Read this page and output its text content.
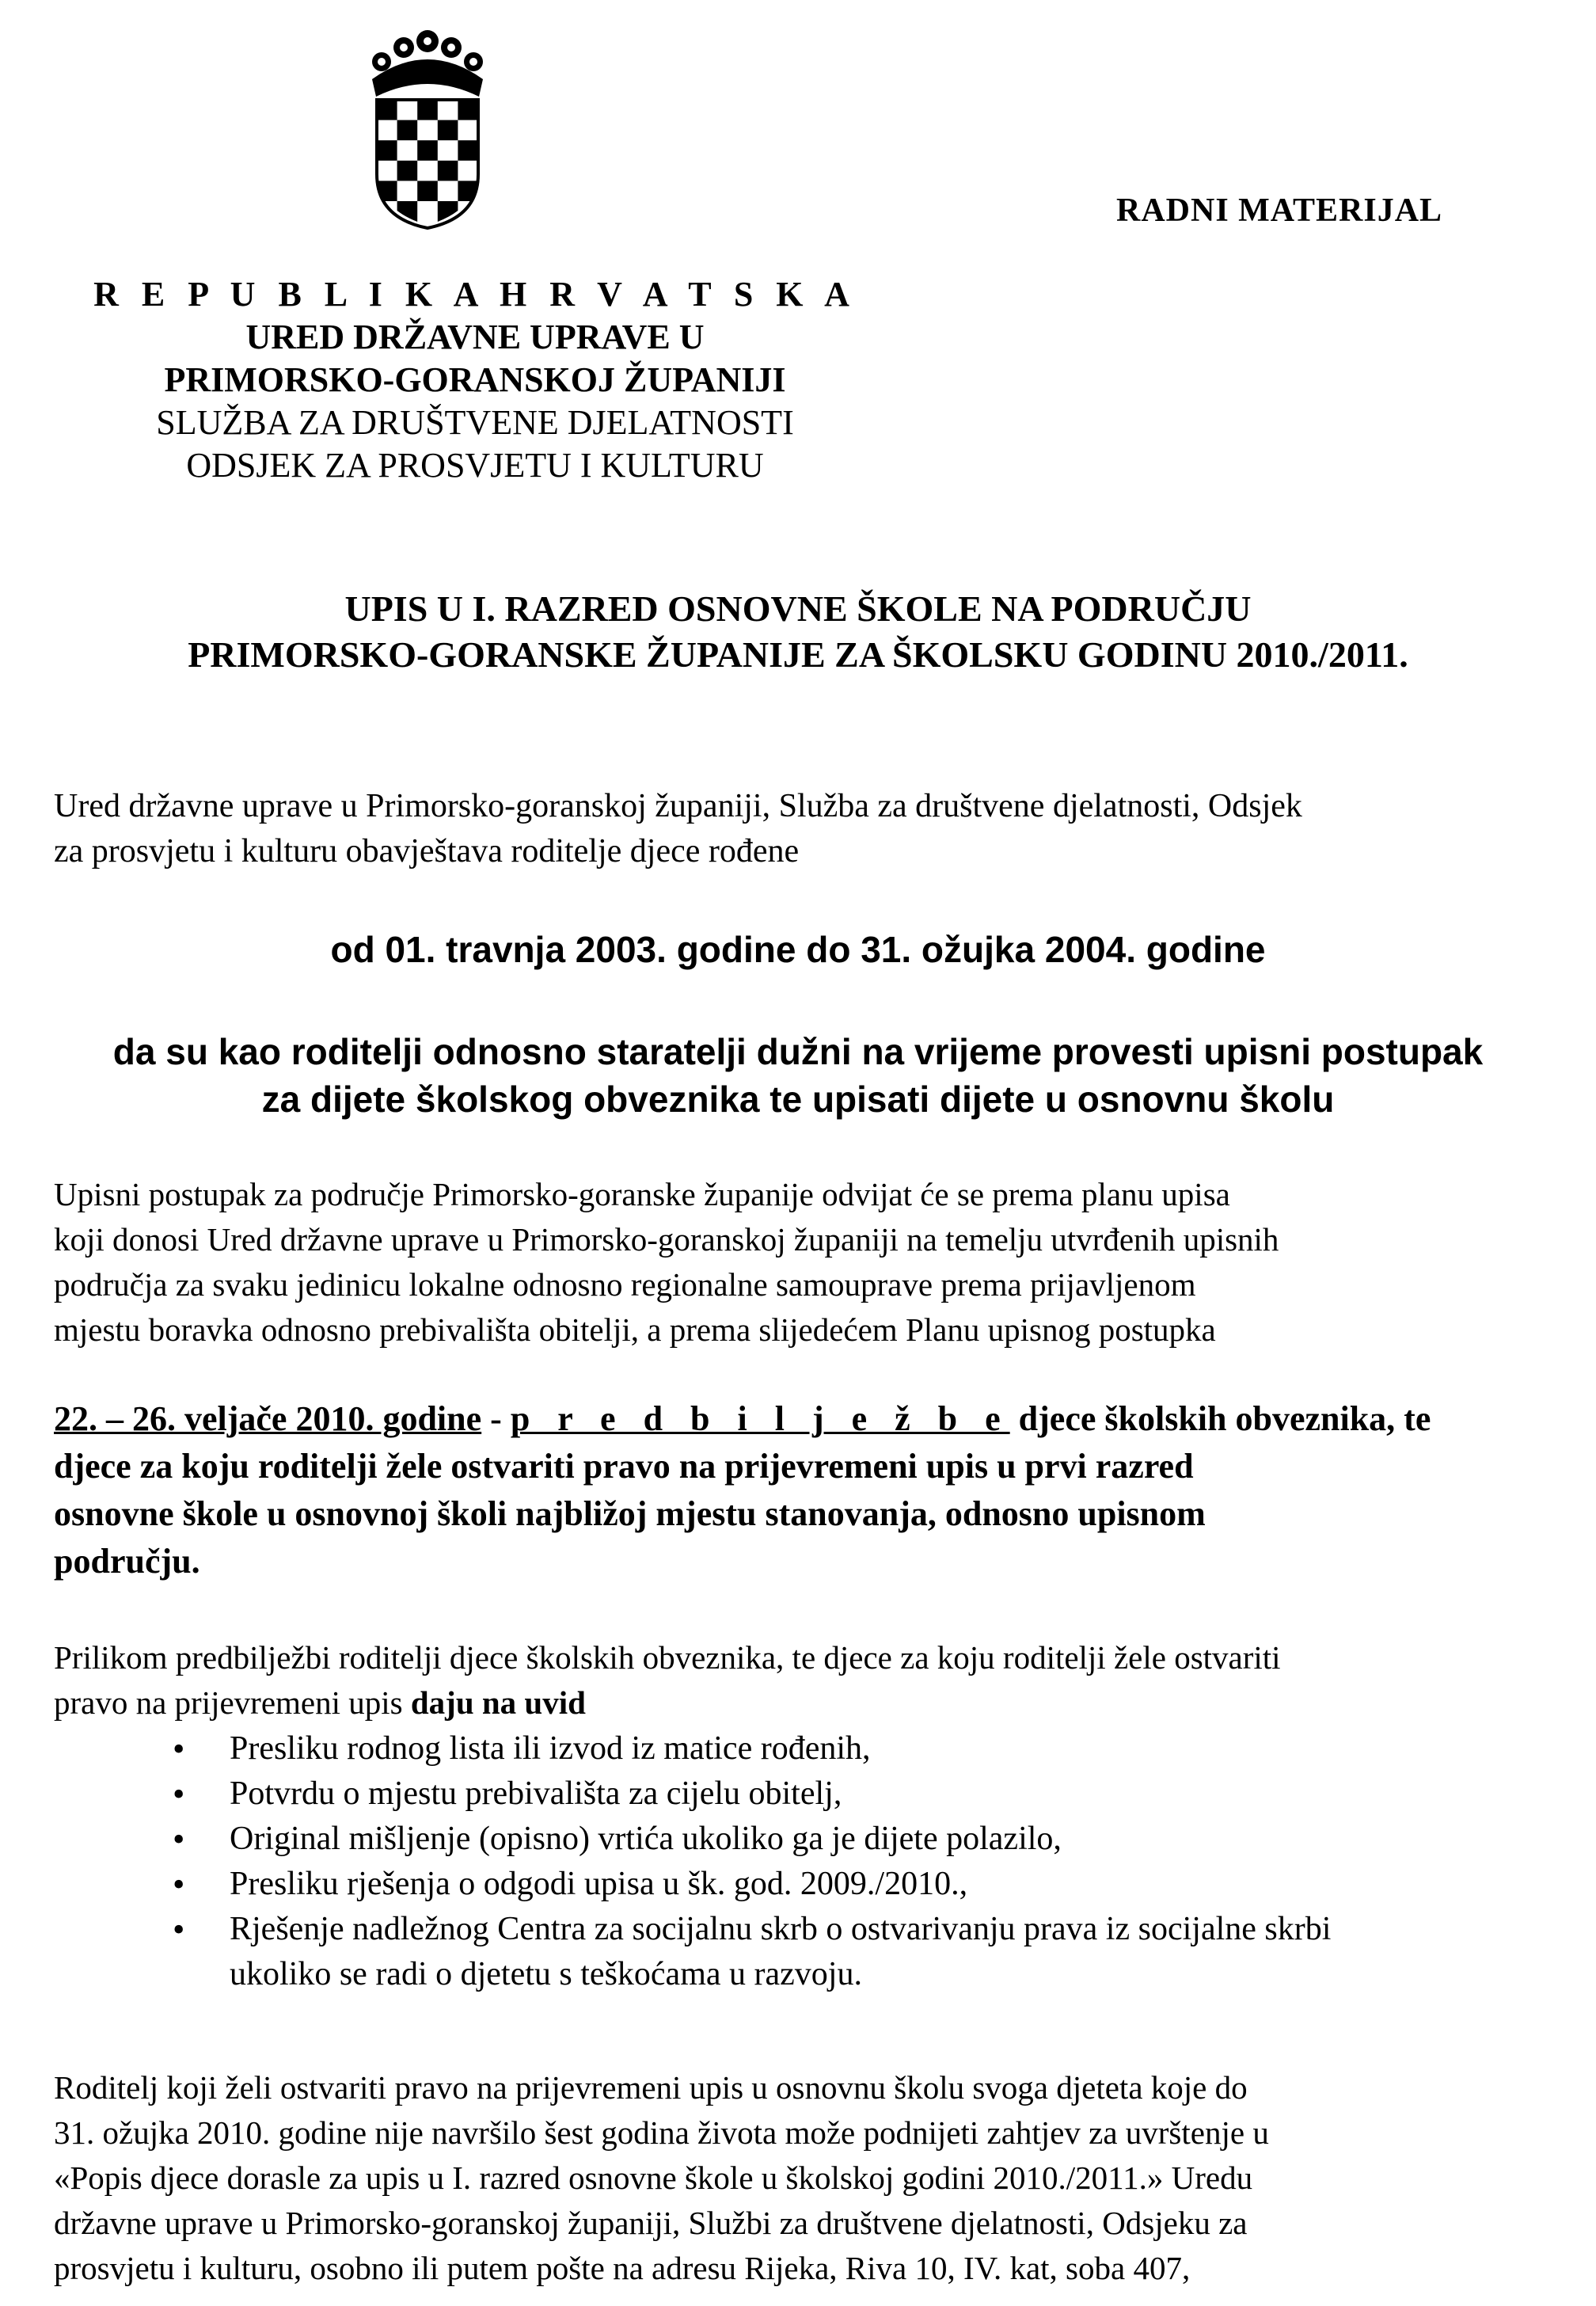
RADNI MATERIJAL
R E P U B L I K A H R V A T S K A
URED DRŽAVNE UPRAVE U
PRIMORSKO-GORANSKOJ ŽUPANIJI
SLUŽBA ZA DRUŠTVENE DJELATNOSTI
ODSJEK ZA PROSVJETU I KULTURU
UPIS U I. RAZRED OSNOVNE ŠKOLE NA PODRUČJU
PRIMORSKO-GORANSKE ŽUPANIJE ZA ŠKOLSKU GODINU 2010./2011.
Ured državne uprave u Primorsko-goranskoj županiji, Služba za društvene djelatnosti, Odsjek
za prosvjetu i kulturu obavještava roditelje djece rođene
od 01. travnja 2003. godine do 31. ožujka 2004. godine
da su kao roditelji odnosno staratelji dužni na vrijeme provesti upisni postupak
za dijete školskog obveznika te upisati dijete u osnovnu školu
Upisni postupak za područje Primorsko-goranske županije odvijat će se prema planu upisa
koji donosi Ured državne uprave u Primorsko-goranskoj županiji na temelju utvrđenih upisnih
područja za svaku jedinicu lokalne odnosno regionalne samouprave prema prijavljenom
mjestu boravka odnosno prebivališta obitelji, a prema slijedećem Planu upisnog postupka
22. – 26. veljače 2010. godine - p r e d b i l j e ž b e djece školskih obveznika, te
djece za koju roditelji žele ostvariti pravo na prijevremeni upis u prvi razred
osnovne škole u osnovnoj školi najbližoj mjestu stanovanja, odnosno upisnom
području.
Prilikom predbilježbi roditelji djece školskih obveznika, te djece za koju roditelji žele ostvariti
pravo na prijevremeni upis daju na uvid
• Presliku rodnog lista ili izvod iz matice rođenih,
• Potvrdu o mjestu prebivališta za cijelu obitelj,
• Original mišljenje (opisno) vrtića ukoliko ga je dijete polazilo,
• Presliku rješenja o odgodi upisa u šk. god. 2009./2010.,
• Rješenje nadležnog Centra za socijalnu skrb o ostvarivanju prava iz socijalne skrbi
ukoliko se radi o djetetu s teškoćama u razvoju.
Roditelj koji želi ostvariti pravo na prijevremeni upis u osnovnu školu svoga djeteta koje do
31. ožujka 2010. godine nije navršilo šest godina života može podnijeti zahtjev za uvrštenje u
«Popis djece dorasle za upis u I. razred osnovne škole u školskoj godini 2010./2011.» Uredu
državne uprave u Primorsko-goranskoj županiji, Službi za društvene djelatnosti, Odsjeku za
prosvjetu i kulturu, osobno ili putem pošte na adresu Rijeka, Riva 10, IV. kat, soba 407,
